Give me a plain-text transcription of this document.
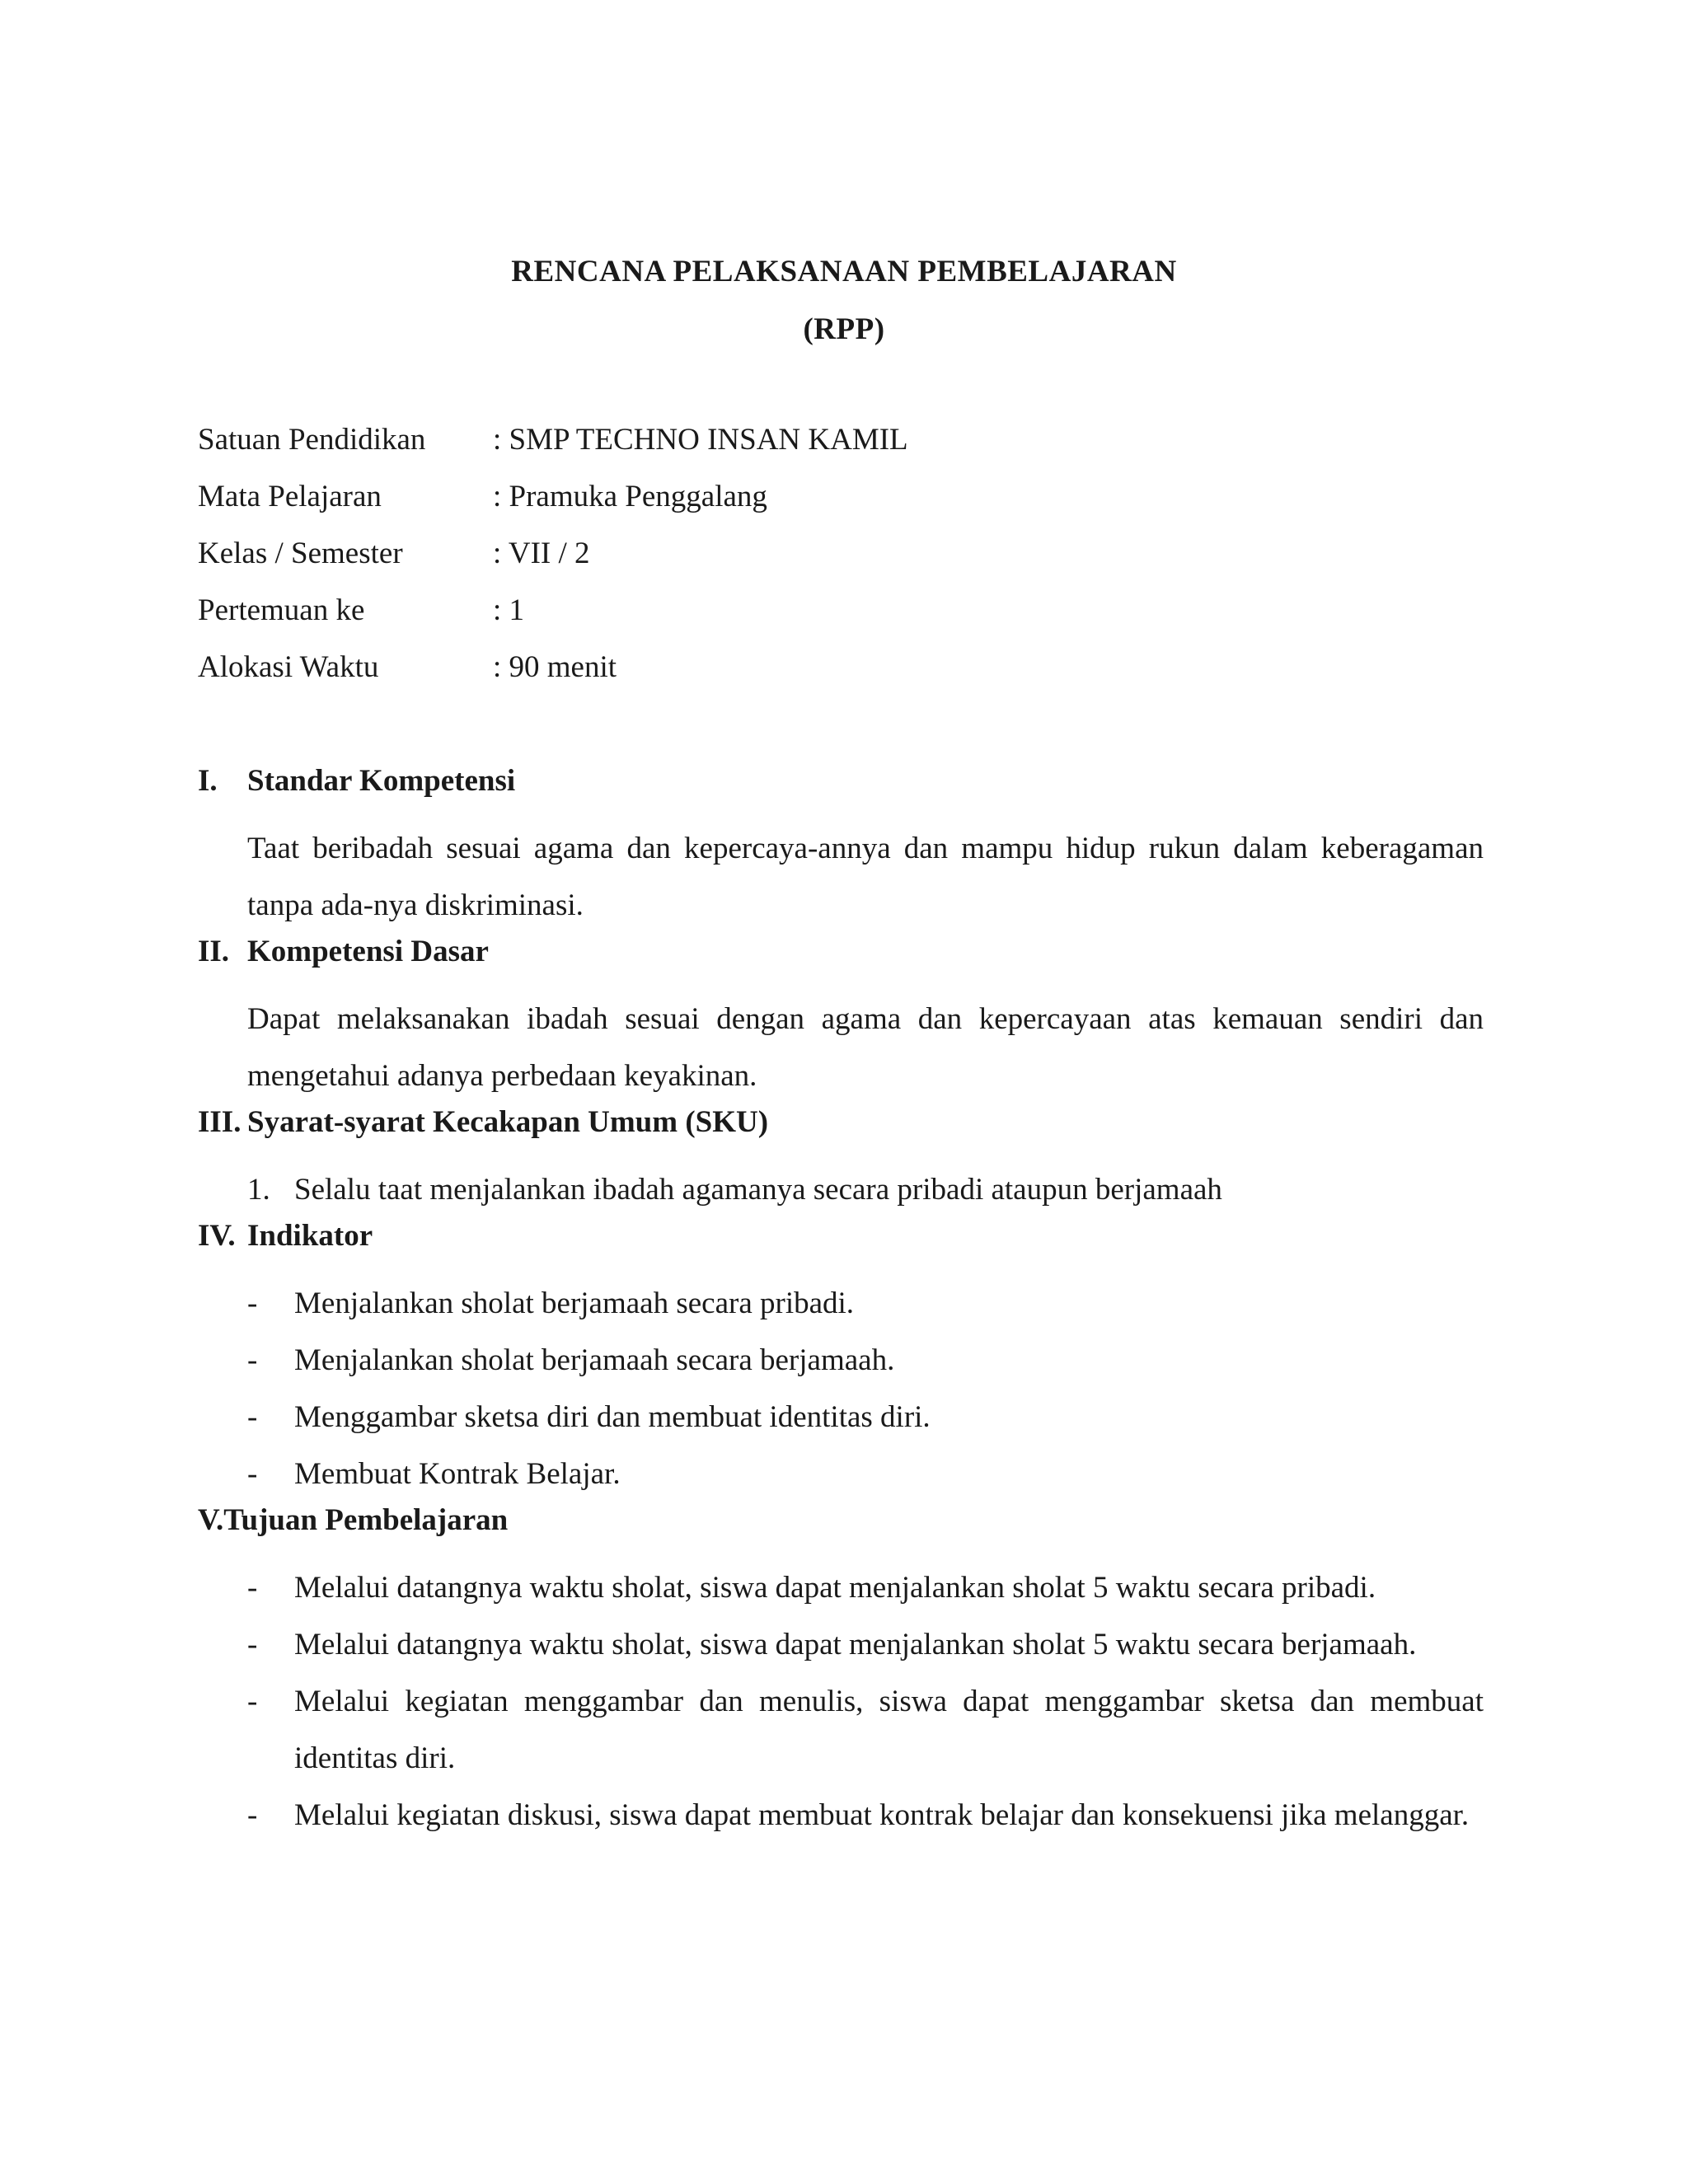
RENCANA PELAKSANAAN PEMBELAJARAN
(RPP)
Satuan Pendidikan : SMP TECHNO INSAN KAMIL
Mata Pelajaran	: Pramuka Penggalang
Kelas / Semester	: VII / 2
Pertemuan ke	: 1
Alokasi Waktu	: 90 menit
I. Standar Kompetensi
Taat beribadah sesuai agama dan kepercaya-annya dan mampu hidup rukun dalam keberagaman tanpa ada-nya diskriminasi.
II. Kompetensi Dasar
Dapat melaksanakan ibadah sesuai dengan agama dan kepercayaan atas kemauan sendiri dan mengetahui adanya perbedaan keyakinan.
III. Syarat-syarat Kecakapan Umum (SKU)
1. Selalu taat menjalankan ibadah agamanya secara pribadi ataupun berjamaah
IV. Indikator
-	Menjalankan sholat berjamaah secara pribadi.
-	Menjalankan sholat berjamaah secara berjamaah.
-	Menggambar sketsa diri dan membuat identitas diri.
-	Membuat Kontrak Belajar.
V.Tujuan Pembelajaran
-	Melalui datangnya waktu sholat, siswa dapat menjalankan sholat 5 waktu secara pribadi.
-	Melalui datangnya waktu sholat, siswa dapat menjalankan sholat 5 waktu secara berjamaah.
-	Melalui kegiatan menggambar dan menulis, siswa dapat menggambar sketsa dan membuat identitas diri.
-	Melalui kegiatan diskusi, siswa dapat membuat kontrak belajar dan konsekuensi jika melanggar.
